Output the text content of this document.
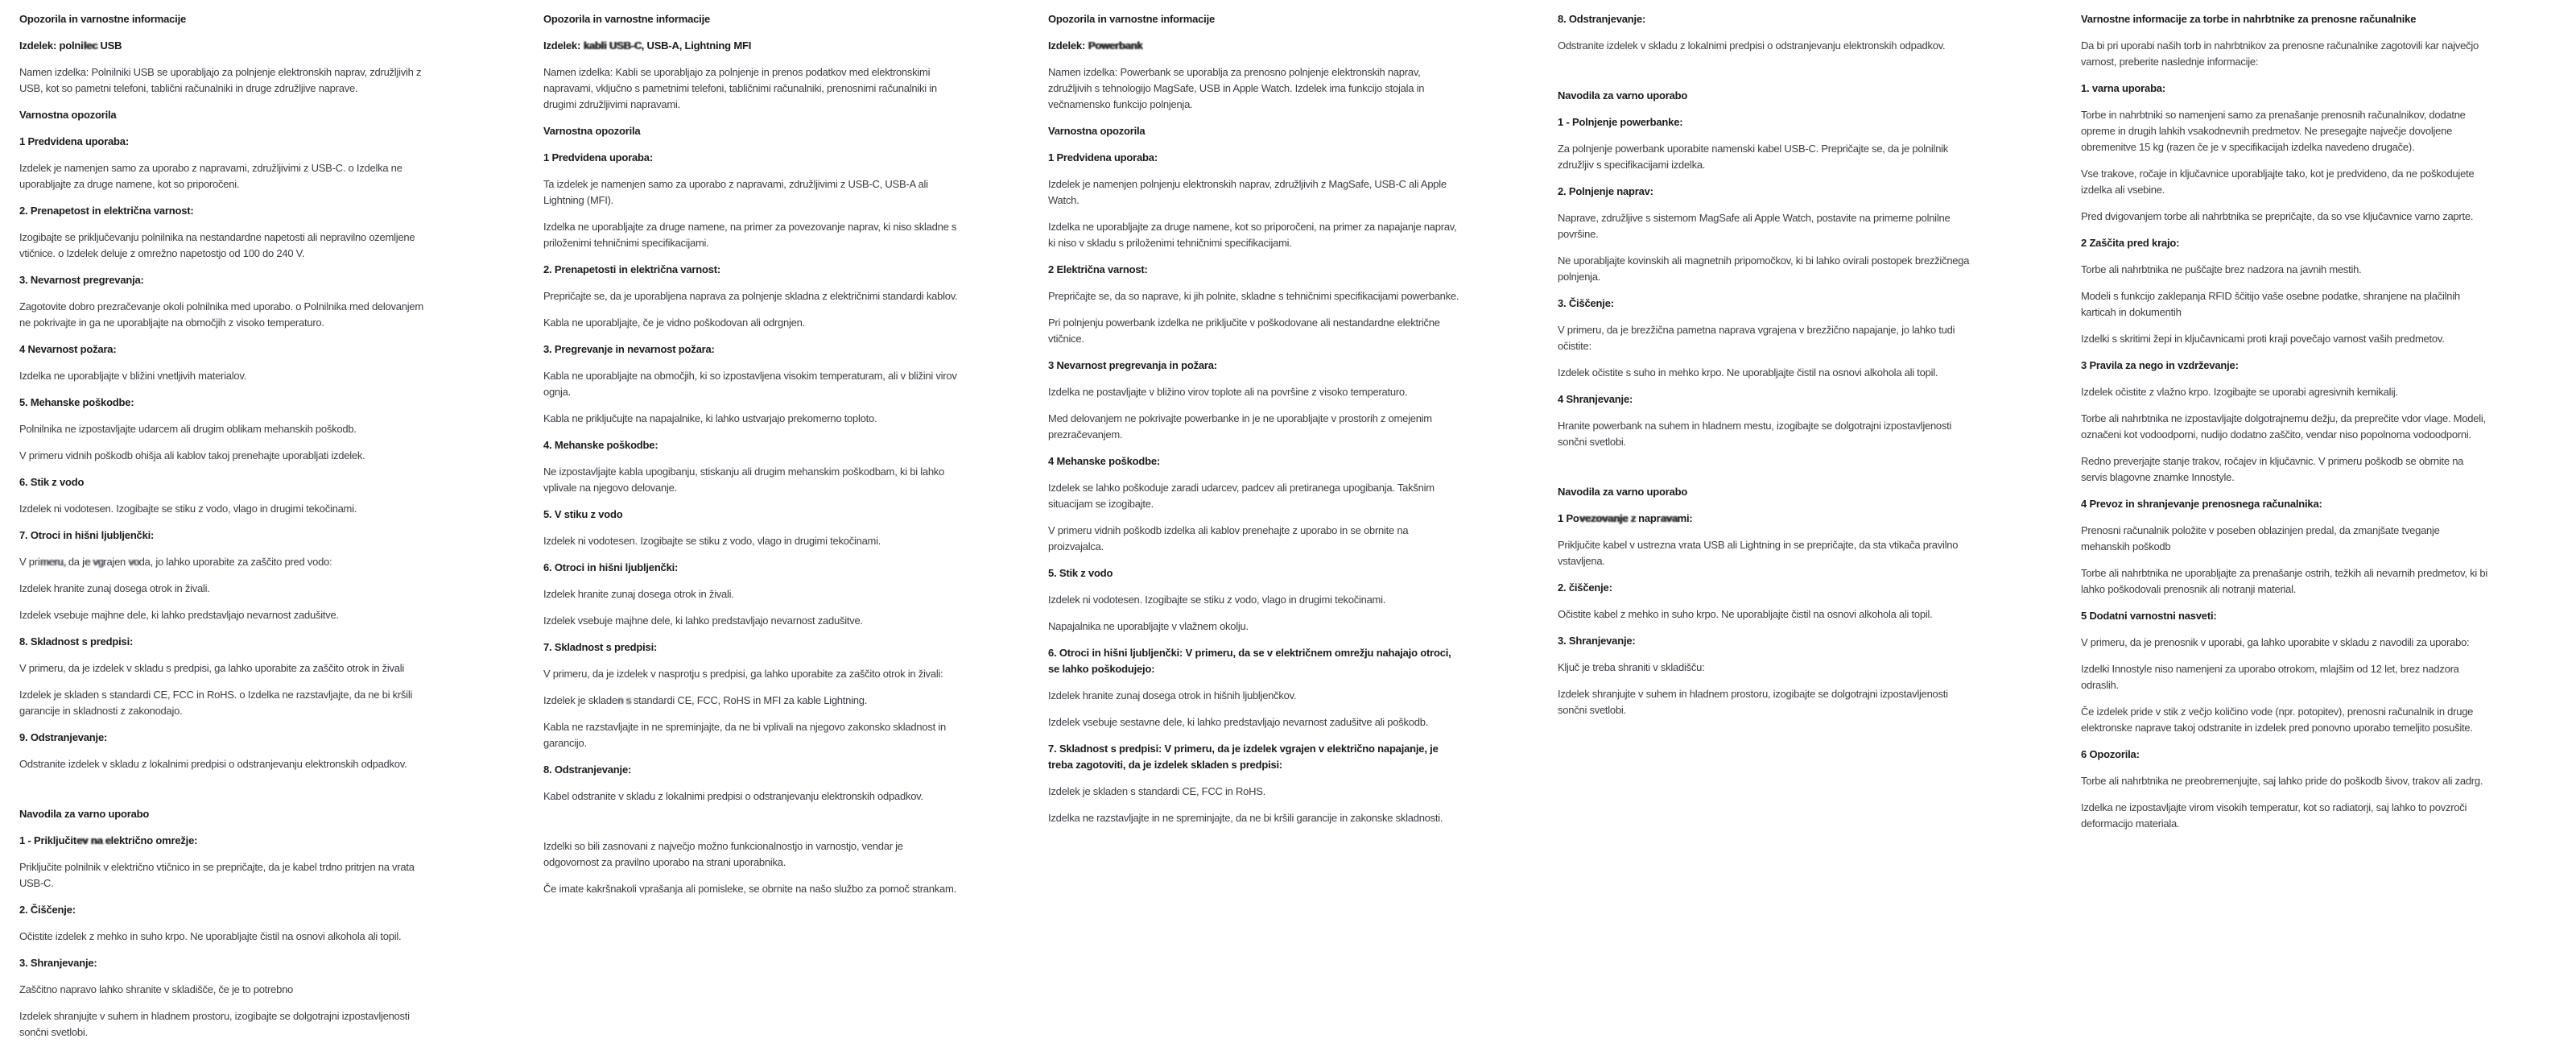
Opozorila in varnostne informacije

Izdelek: polnilec USB

Namen izdelka: Polnilniki USB se uporabljajo za polnjenje elektronskih naprav, združljivih z USB, kot so pametni telefoni, tablični računalniki in druge združljive naprave.

Varnostna opozorila

1 Predvidena uporaba:

Izdelek je namenjen samo za uporabo z napravami, združljivimi z USB-C. o Izdelka ne uporabljajte za druge namene, kot so priporočeni.

2. Prenapetost in električna varnost:

Izogibajte se priključevanju polnilnika na nestandardne napetosti ali nepravilno ozemljene vtičnice. o Izdelek deluje z omrežno napetostjo od 100 do 240 V.

3. Nevarnost pregrevanja:

Zagotovite dobro prezračevanje okoli polnilnika med uporabo. o Polnilnika med delovanjem ne pokrivajte in ga ne uporabljajte na območjih z visoko temperaturo.

4 Nevarnost požara:

Izdelka ne uporabljajte v bližini vnetljivih materialov.

5. Mehanske poškodbe:

Polnilnika ne izpostavljajte udarcem ali drugim oblikam mehanskih poškodb.

V primeru vidnih poškodb ohišja ali kablov takoj prenehajte uporabljati izdelek.

6. Stik z vodo

Izdelek ni vodotesen. Izogibajte se stiku z vodo, vlago in drugimi tekočinami.

7. Otroci in hišni ljubljenčki:

V primeru, da je vgrajen voda, jo lahko uporabite za zaščito pred vodo:

Izdelek hranite zunaj dosega otrok in živali.

Izdelek vsebuje majhne dele, ki lahko predstavljajo nevarnost zadušitve.

8. Skladnost s predpisi:

V primeru, da je izdelek v skladu s predpisi, ga lahko uporabite za zaščito otrok in živali

Izdelek je skladen s standardi CE, FCC in RoHS. o Izdelka ne razstavljajte, da ne bi kršili garancije in skladnosti z zakonodajo.

9. Odstranjevanje:

Odstranite izdelek v skladu z lokalnimi predpisi o odstranjevanju elektronskih odpadkov.

Navodila za varno uporabo

1 - Priključitev na električno omrežje:

Priključite polnilnik v električno vtičnico in se prepričajte, da je kabel trdno pritrjen na vrata USB-C.

2. Čiščenje:

Očistite izdelek z mehko in suho krpo. Ne uporabljajte čistil na osnovi alkohola ali topil.

3. Shranjevanje:

Zaščitno napravo lahko shranite v skladišče, če je to potrebno

Izdelek shranjujte v suhem in hladnem prostoru, izogibajte se dolgotrajni izpostavljenosti sončni svetlobi.

Opozorila in varnostne informacije

Izdelek: kabli USB-C, USB-A, Lightning MFI

Namen izdelka: Kabli se uporabljajo za polnjenje in prenos podatkov med elektronskimi napravami, vključno s pametnimi telefoni, tabličnimi računalniki, prenosnimi računalniki in drugimi združljivimi napravami.

Varnostna opozorila

1 Predvidena uporaba:

Ta izdelek je namenjen samo za uporabo z napravami, združljivimi z USB-C, USB-A ali Lightning (MFI).

Izdelka ne uporabljajte za druge namene, na primer za povezovanje naprav, ki niso skladne s priloženimi tehničnimi specifikacijami.

2. Prenapetosti in električna varnost:

Prepričajte se, da je uporabljena naprava za polnjenje skladna z električnimi standardi kablov.

Kabla ne uporabljajte, če je vidno poškodovan ali odrgnjen.

3. Pregrevanje in nevarnost požara:

Kabla ne uporabljajte na območjih, ki so izpostavljena visokim temperaturam, ali v bližini virov ognja.

Kabla ne priključujte na napajalnike, ki lahko ustvarjajo prekomerno toploto.

4. Mehanske poškodbe:

Ne izpostavljajte kabla upogibanju, stiskanju ali drugim mehanskim poškodbam, ki bi lahko vplivale na njegovo delovanje.

5. V stiku z vodo

Izdelek ni vodotesen. Izogibajte se stiku z vodo, vlago in drugimi tekočinami.

6. Otroci in hišni ljubljenčki:

Izdelek hranite zunaj dosega otrok in živali.

Izdelek vsebuje majhne dele, ki lahko predstavljajo nevarnost zadušitve.

7. Skladnost s predpisi:

V primeru, da je izdelek v nasprotju s predpisi, ga lahko uporabite za zaščito otrok in živali:

Izdelek je skladen s standardi CE, FCC, RoHS in MFI za kable Lightning.

Kabla ne razstavljajte in ne spreminjajte, da ne bi vplivali na njegovo zakonsko skladnost in garancijo.

8. Odstranjevanje:

Kabel odstranite v skladu z lokalnimi predpisi o odstranjevanju elektronskih odpadkov.

Izdelki so bili zasnovani z največjo možno funkcionalnostjo in varnostjo, vendar je odgovornost za pravilno uporabo na strani uporabnika.

Če imate kakršnakoli vprašanja ali pomisleke, se obrnite na našo službo za pomoč strankam.

Opozorila in varnostne informacije

Izdelek: Powerbank

Namen izdelka: Powerbank se uporablja za prenosno polnjenje elektronskih naprav, združljivih s tehnologijo MagSafe, USB in Apple Watch. Izdelek ima funkcijo stojala in večnamensko funkcijo polnjenja.

Varnostna opozorila

1 Predvidena uporaba:

Izdelek je namenjen polnjenju elektronskih naprav, združljivih z MagSafe, USB-C ali Apple Watch.

Izdelka ne uporabljajte za druge namene, kot so priporočeni, na primer za napajanje naprav, ki niso v skladu s priloženimi tehničnimi specifikacijami.

2 Električna varnost:

Prepričajte se, da so naprave, ki jih polnite, skladne s tehničnimi specifikacijami powerbanke.

Pri polnjenju powerbank izdelka ne priključite v poškodovane ali nestandardne električne vtičnice.

3 Nevarnost pregrevanja in požara:

Izdelka ne postavljajte v bližino virov toplote ali na površine z visoko temperaturo.

Med delovanjem ne pokrivajte powerbanke in je ne uporabljajte v prostorih z omejenim prezračevanjem.

4 Mehanske poškodbe:

Izdelek se lahko poškoduje zaradi udarcev, padcev ali pretiranega upogibanja. Takšnim situacijam se izogibajte.

V primeru vidnih poškodb izdelka ali kablov prenehajte z uporabo in se obrnite na proizvajalca.

5. Stik z vodo

Izdelek ni vodotesen. Izogibajte se stiku z vodo, vlago in drugimi tekočinami.

Napajalnika ne uporabljajte v vlažnem okolju.

6. Otroci in hišni ljubljenčki: V primeru, da se v električnem omrežju nahajajo otroci, se lahko poškodujejo:

Izdelek hranite zunaj dosega otrok in hišnih ljubljenčkov.

Izdelek vsebuje sestavne dele, ki lahko predstavljajo nevarnost zadušitve ali poškodb.

7. Skladnost s predpisi: V primeru, da je izdelek vgrajen v električno napajanje, je treba zagotoviti, da je izdelek skladen s predpisi:

Izdelek je skladen s standardi CE, FCC in RoHS.

Izdelka ne razstavljajte in ne spreminjajte, da ne bi kršili garancije in zakonske skladnosti.

8. Odstranjevanje:

Odstranite izdelek v skladu z lokalnimi predpisi o odstranjevanju elektronskih odpadkov.

Navodila za varno uporabo

1 - Polnjenje powerbanke:

Za polnjenje powerbank uporabite namenski kabel USB-C. Prepričajte se, da je polnilnik združljiv s specifikacijami izdelka.

2. Polnjenje naprav:

Naprave, združljive s sistemom MagSafe ali Apple Watch, postavite na primerne polnilne površine.

Ne uporabljajte kovinskih ali magnetnih pripomočkov, ki bi lahko ovirali postopek brezžičnega polnjenja.

3. Čiščenje:

V primeru, da je brezžična pametna naprava vgrajena v brezžično napajanje, jo lahko tudi očistite:

Izdelek očistite s suho in mehko krpo. Ne uporabljajte čistil na osnovi alkohola ali topil.

4 Shranjevanje:

Hranite powerbank na suhem in hladnem mestu, izogibajte se dolgotrajni izpostavljenosti sončni svetlobi.

Navodila za varno uporabo

1 Povezovanje z napravami:

Priključite kabel v ustrezna vrata USB ali Lightning in se prepričajte, da sta vtikača pravilno vstavljena.

2. čiščenje:

Očistite kabel z mehko in suho krpo. Ne uporabljajte čistil na osnovi alkohola ali topil.

3. Shranjevanje:

Ključ je treba shraniti v skladišču:

Izdelek shranjujte v suhem in hladnem prostoru, izogibajte se dolgotrajni izpostavljenosti sončni svetlobi.

Varnostne informacije za torbe in nahrbtnike za prenosne računalnike

Da bi pri uporabi naših torb in nahrbtnikov za prenosne računalnike zagotovili kar največjo varnost, preberite naslednje informacije:

1. varna uporaba:

Torbe in nahrbtniki so namenjeni samo za prenašanje prenosnih računalnikov, dodatne opreme in drugih lahkih vsakodnevnih predmetov. Ne presegajte največje dovoljene obremenitve 15 kg (razen če je v specifikacijah izdelka navedeno drugače).

Vse trakove, ročaje in ključavnice uporabljajte tako, kot je predvideno, da ne poškodujete izdelka ali vsebine.

Pred dvigovanjem torbe ali nahrbtnika se prepričajte, da so vse ključavnice varno zaprte.

2 Zaščita pred krajo:

Torbe ali nahrbtnika ne puščajte brez nadzora na javnih mestih.

Modeli s funkcijo zaklepanja RFID ščitijo vaše osebne podatke, shranjene na plačilnih karticah in dokumentih

Izdelki s skritimi žepi in ključavnicami proti kraji povečajo varnost vaših predmetov.

3 Pravila za nego in vzdrževanje:

Izdelek očistite z vlažno krpo. Izogibajte se uporabi agresivnih kemikalij.

Torbe ali nahrbtnika ne izpostavljajte dolgotrajnemu dežju, da preprečite vdor vlage. Modeli, označeni kot vodoodporni, nudijo dodatno zaščito, vendar niso popolnoma vodoodporni.

Redno preverjajte stanje trakov, ročajev in ključavnic. V primeru poškodb se obrnite na servis blagovne znamke Innostyle.

4 Prevoz in shranjevanje prenosnega računalnika:

Prenosni računalnik položite v poseben oblazinjen predal, da zmanjšate tveganje mehanskih poškodb

Torbe ali nahrbtnika ne uporabljajte za prenašanje ostrih, težkih ali nevarnih predmetov, ki bi lahko poškodovali prenosnik ali notranji material.

5 Dodatni varnostni nasveti:

V primeru, da je prenosnik v uporabi, ga lahko uporabite v skladu z navodili za uporabo:

Izdelki Innostyle niso namenjeni za uporabo otrokom, mlajšim od 12 let, brez nadzora odraslih.

Če izdelek pride v stik z večjo količino vode (npr. potopitev), prenosni računalnik in druge elektronske naprave takoj odstranite in izdelek pred ponovno uporabo temeljito posušite.

6 Opozorila:

Torbe ali nahrbtnika ne preobremenjujte, saj lahko pride do poškodb šivov, trakov ali zadrg.

Izdelka ne izpostavljajte virom visokih temperatur, kot so radiatorji, saj lahko to povzroči deformacijo materiala.
